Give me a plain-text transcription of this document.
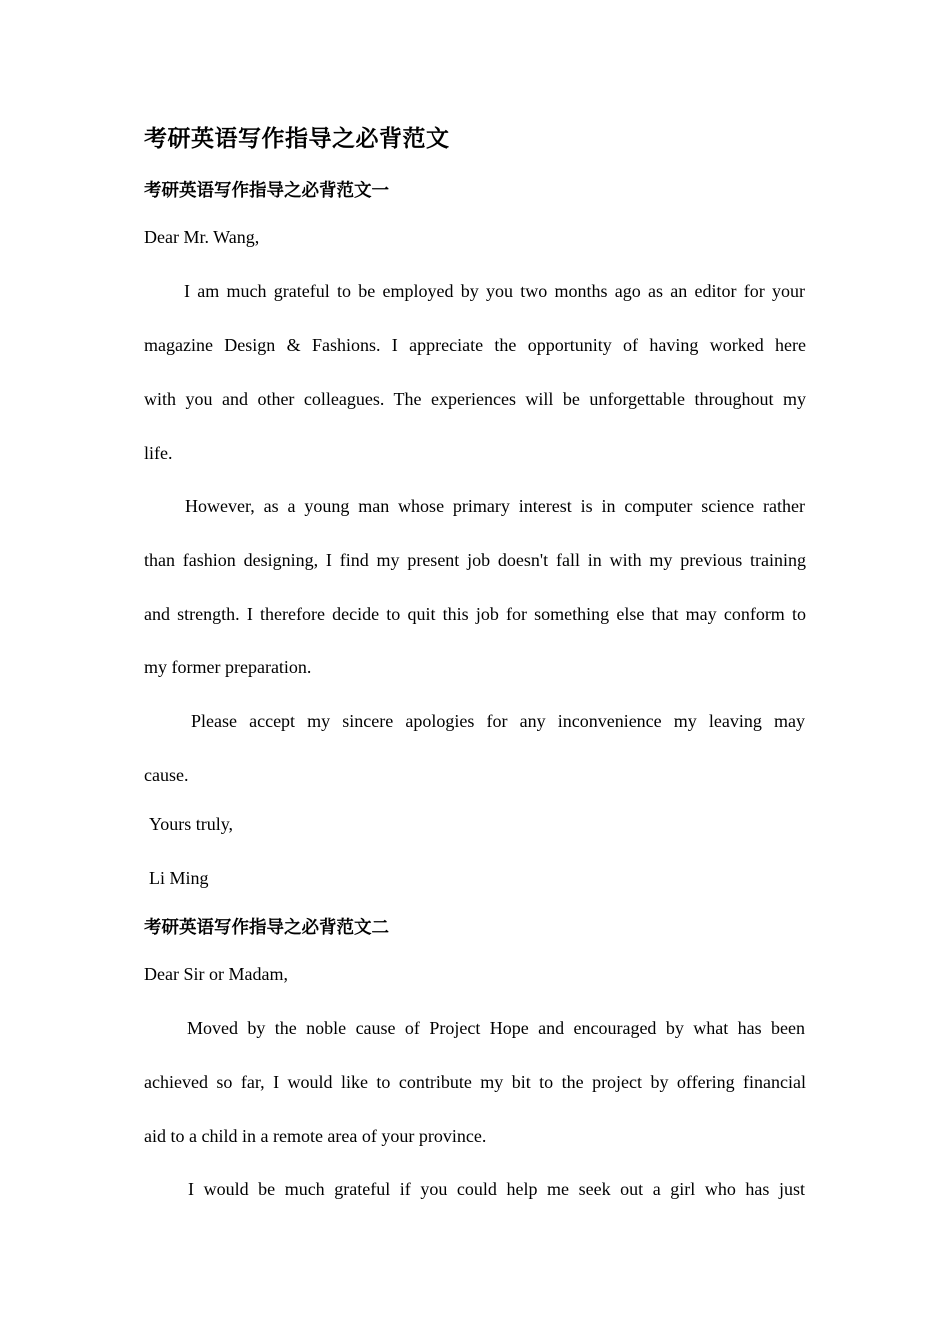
考研英语写作指导之必背范文
考研英语写作指导之必背范文一
Dear Mr. Wang,
I am much grateful to be employed by you two months ago as an editor for your
magazine Design & Fashions. I appreciate the opportunity of having worked here
with you and other colleagues. The experiences will be unforgettable throughout my
life.
However, as a young man whose primary interest is in computer science rather
than fashion designing, I find my present job doesn't fall in with my previous training
and strength. I therefore decide to quit this job for something else that may conform to
my former preparation.
Please accept my sincere apologies for any inconvenience my leaving may
cause.
Yours truly,
Li Ming
考研英语写作指导之必背范文二
Dear Sir or Madam,
Moved by the noble cause of Project Hope and encouraged by what has been
achieved so far, I would like to contribute my bit to the project by offering financial
aid to a child in a remote area of your province.
I would be much grateful if you could help me seek out a girl who has just
